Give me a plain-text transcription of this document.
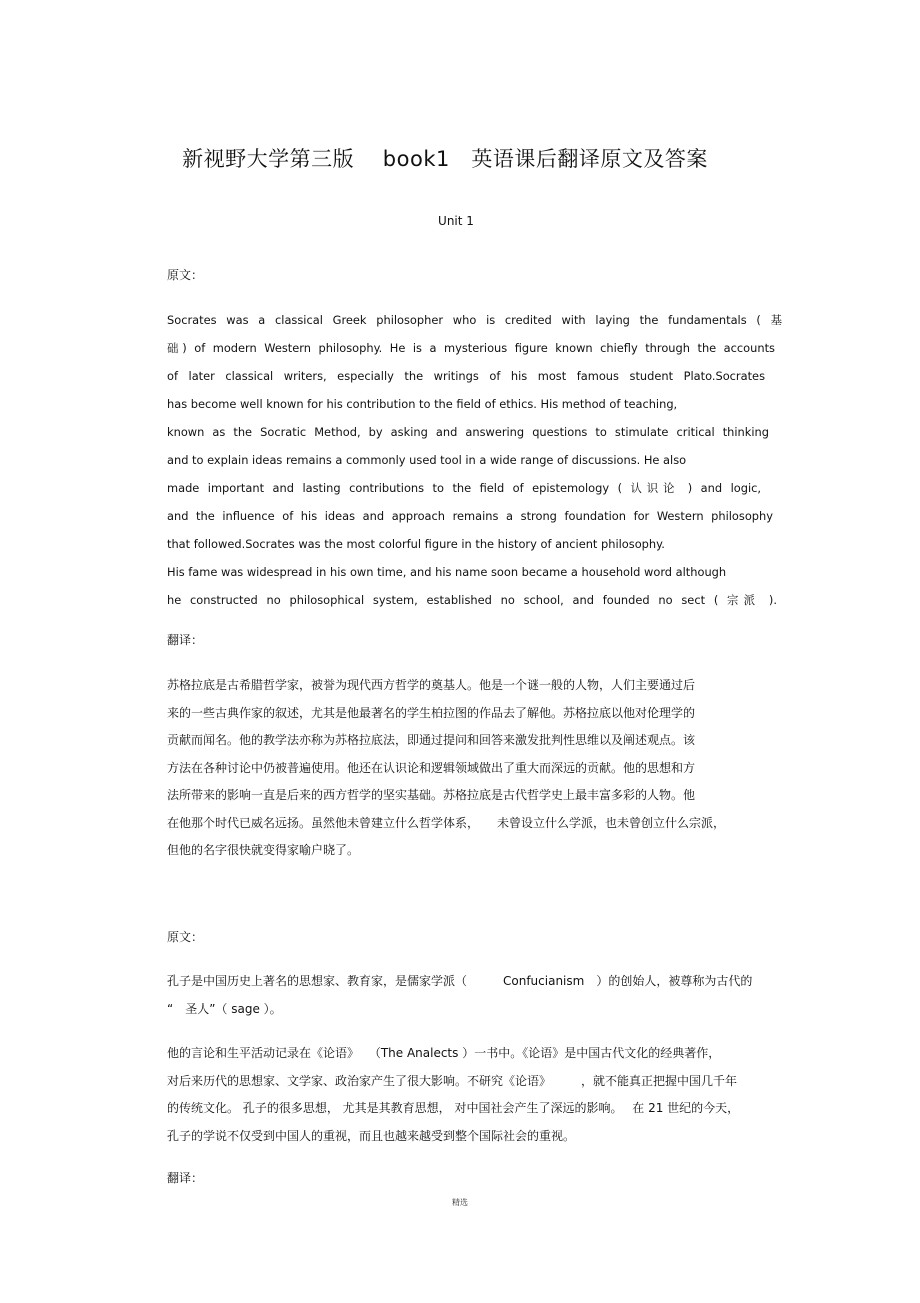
新视野大学第三版　 book1　英语课后翻译原文及答案
Unit 1
原文：
Socrates was a classical Greek philosopher who is credited with laying the fundamentals ( 基
础) of modern Western philosophy. He is a mysterious figure known chiefly through the accounts
of later classical writers, especially the writings of his most famous student Plato.Socrates
has become well known for his contribution to the field of ethics. His method of teaching,
known as the Socratic Method, by asking and answering questions to stimulate critical thinking
and to explain ideas remains a commonly used tool in a wide range of discussions. He also
made important and lasting contributions to the field of epistemology ( 认识论 ) and logic,
and the influence of his ideas and approach remains a strong foundation for Western philosophy
that followed.Socrates was the most colorful figure in the history of ancient philosophy.
His fame was widespread in his own time, and his name soon became a household word although
he constructed no philosophical system, established no school, and founded no sect ( 宗派 ).
翻译：
苏格拉底是古希腊哲学家，被誉为现代西方哲学的奠基人。他是一个谜一般的人物，人们主要通过后
来的一些古典作家的叙述，尤其是他最著名的学生柏拉图的作品去了解他。苏格拉底以他对伦理学的
贡献而闻名。他的教学法亦称为苏格拉底法，即通过提问和回答来激发批判性思维以及阐述观点。该
方法在各种讨论中仍被普遍使用。他还在认识论和逻辑领域做出了重大而深远的贡献。他的思想和方
法所带来的影响一直是后来的西方哲学的坚实基础。苏格拉底是古代哲学史上最丰富多彩的人物。他
在他那个时代已威名远扬。虽然他未曾建立什么哲学体系，　　未曾设立什么学派，也未曾创立什么宗派，
但他的名字很快就变得家喻户晓了。
原文：
孔子是中国历史上著名的思想家、教育家，是儒家学派（　　　Confucianism　）的创始人，被尊称为古代的
“　圣人”（ sage ）。
他的言论和生平活动记录在《论语》　 （The Analects ）一书中。《论语》是中国古代文化的经典著作，
对后来历代的思想家、文学家、政治家产生了很大影响。不研究《论语》　　　，就不能真正把握中国几千年
的传统文化。 孔子的很多思想， 尤其是其教育思想， 对中国社会产生了深远的影响。　 在 21 世纪的今天，
孔子的学说不仅受到中国人的重视，而且也越来越受到整个国际社会的重视。
翻译：
精选
